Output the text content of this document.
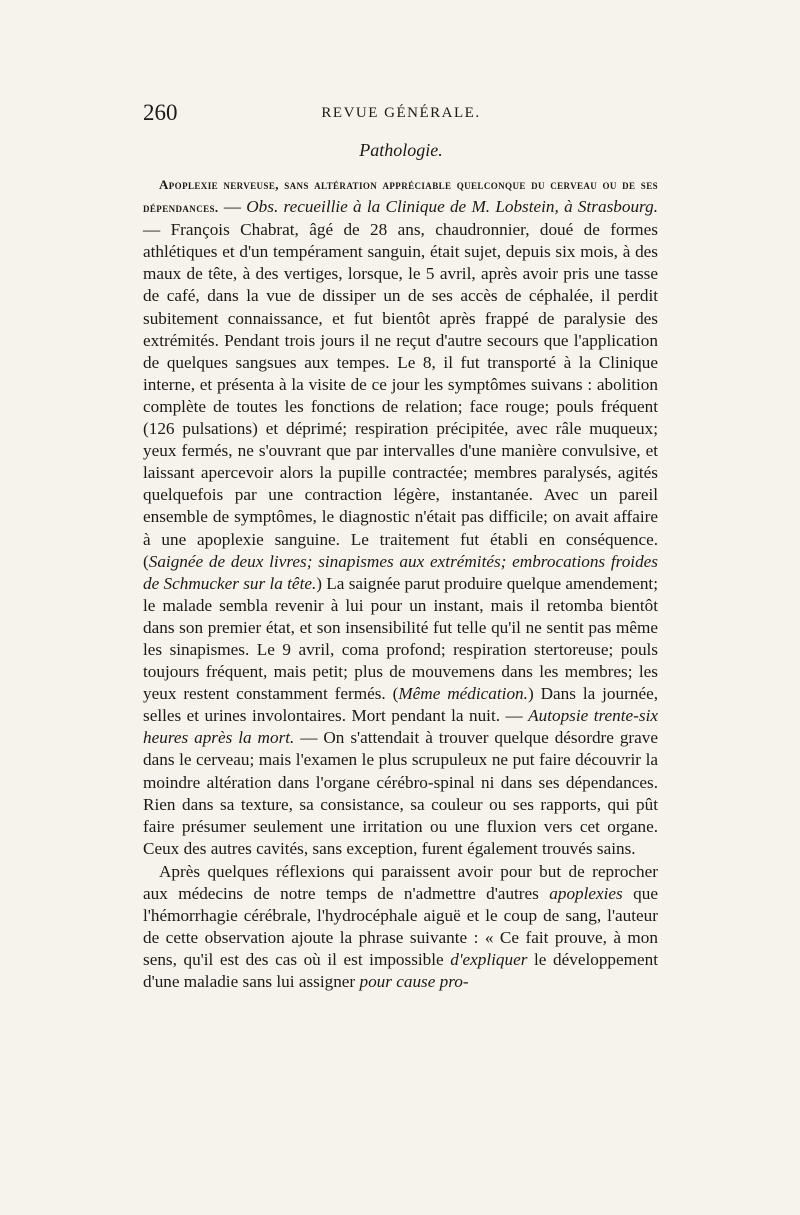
260	REVUE GÉNÉRALE.
Pathologie.

Apoplexie nerveuse, sans altération appréciable quelconque du cerveau ou de ses dépendances. — Obs. recueillie à la Clinique de M. Lobstein, à Strasbourg. — François Chabrat, âgé de 28 ans, chaudronnier, doué de formes athlétiques et d'un tempérament sanguin, était sujet, depuis six mois, à des maux de tête, à des vertiges, lorsque, le 5 avril, après avoir pris une tasse de café, dans la vue de dissiper un de ses accès de céphalée, il perdit subitement connaissance, et fut bientôt après frappé de paralysie des extrémités. Pendant trois jours il ne reçut d'autre secours que l'application de quelques sangsues aux tempes. Le 8, il fut transporté à la Clinique interne, et présenta à la visite de ce jour les symptômes suivans : abolition complète de toutes les fonctions de relation; face rouge; pouls fréquent (126 pulsations) et déprimé; respiration précipitée, avec râle muqueux; yeux fermés, ne s'ouvrant que par intervalles d'une manière convulsive, et laissant apercevoir alors la pupille contractée; membres paralysés, agités quelquefois par une contraction légère, instantanée. Avec un pareil ensemble de symptômes, le diagnostic n'était pas difficile; on avait affaire à une apoplexie sanguine. Le traitement fut établi en conséquence. (Saignée de deux livres; sinapismes aux extrémités; embrocations froides de Schmucker sur la tête.) La saignée parut produire quelque amendement; le malade sembla revenir à lui pour un instant, mais il retomba bientôt dans son premier état, et son insensibilité fut telle qu'il ne sentit pas même les sinapismes. Le 9 avril, coma profond; respiration stertoreuse; pouls toujours fréquent, mais petit; plus de mouvemens dans les membres; les yeux restent constamment fermés. (Même médication.) Dans la journée, selles et urines involontaires. Mort pendant la nuit. — Autopsie trente-six heures après la mort. — On s'attendait à trouver quelque désordre grave dans le cerveau; mais l'examen le plus scrupuleux ne put faire découvrir la moindre altération dans l'organe cérébro-spinal ni dans ses dépendances. Rien dans sa texture, sa consistance, sa couleur ou ses rapports, qui pût faire présumer seulement une irritation ou une fluxion vers cet organe. Ceux des autres cavités, sans exception, furent également trouvés sains.

Après quelques réflexions qui paraissent avoir pour but de reprocher aux médecins de notre temps de n'admettre d'autres apoplexies que l'hémorrhagie cérébrale, l'hydrocéphale aiguë et le coup de sang, l'auteur de cette observation ajoute la phrase suivante : « Ce fait prouve, à mon sens, qu'il est des cas où il est impossible d'expliquer le développement d'une maladie sans lui assigner pour cause pro-
